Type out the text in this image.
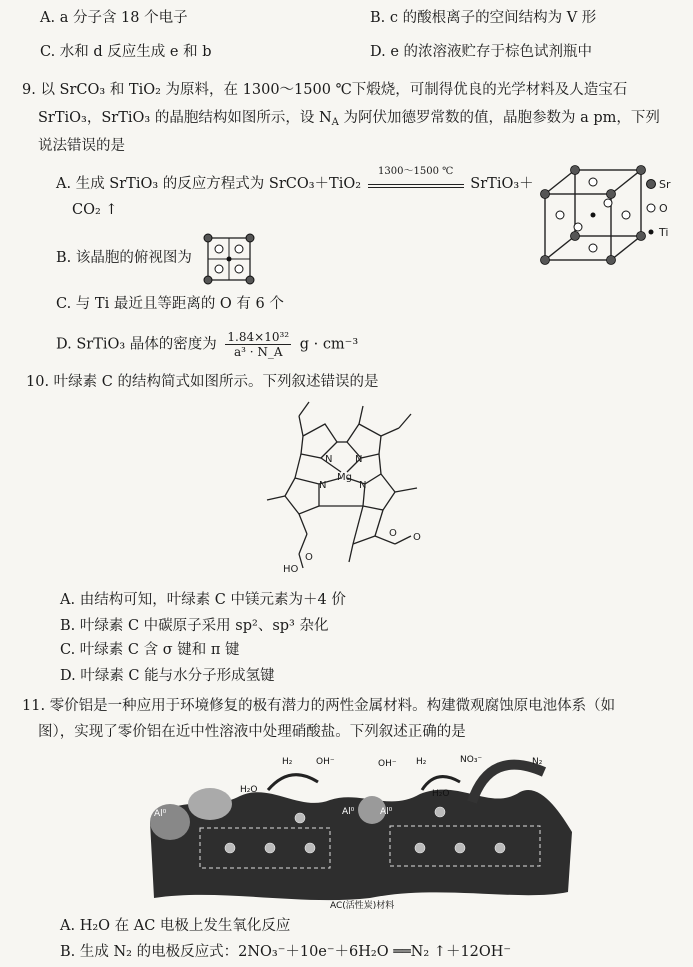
A. a 分子含 18 个电子	B. c 的酸根离子的空间结构为 V 形
C. 水和 d 反应生成 e 和 b	D. e 的浓溶液贮存于棕色试剂瓶中
9. 以 SrCO₃ 和 TiO₂ 为原料，在 1300～1500 ℃下煅烧，可制得优良的光学材料及人造宝石
SrTiO₃，SrTiO₃ 的晶胞结构如图所示，设 $N_A$ 为阿伏加德罗常数的值，晶胞参数为 a pm，下列
说法错误的是
A. 生成 SrTiO₃ 的反应方程式为 SrCO₃＋TiO₂
1300～1500 ℃
SrTiO₃＋
CO₂ ↑
Sr
O
Ti
B. 该晶胞的俯视图为
C. 与 Ti 最近且等距离的 O 有 6 个
D. SrTiO₃ 晶体的密度为 $\frac{\text{1.84×10³²}}{\text{a³ · N\_A}}$ g · cm⁻³
10. 叶绿素 C 的结构简式如图所示。下列叙述错误的是
Mg
N N
N
N
O O
HO
O
A. 由结构可知，叶绿素 C 中镁元素为＋4 价
B. 叶绿素 C 中碳原子采用 sp²、sp³ 杂化
C. 叶绿素 C 含 σ 键和 π 键
D. 叶绿素 C 能与水分子形成氢键
11. 零价铝是一种应用于环境修复的极有潜力的两性金属材料。构建微观腐蚀原电池体系（如
图），实现了零价铝在近中性溶液中处理硝酸盐。下列叙述正确的是
H₂	OH⁻	OH⁻ H₂	NO₃⁻	N₂
H₂O	H₂O
Al⁰	Al⁰	Al⁰
AC(活性炭)材料
A. H₂O 在 AC 电极上发生氧化反应
B. 生成 N₂ 的电极反应式：2NO₃⁻＋10e⁻＋6H₂O ══N₂ ↑＋12OH⁻
